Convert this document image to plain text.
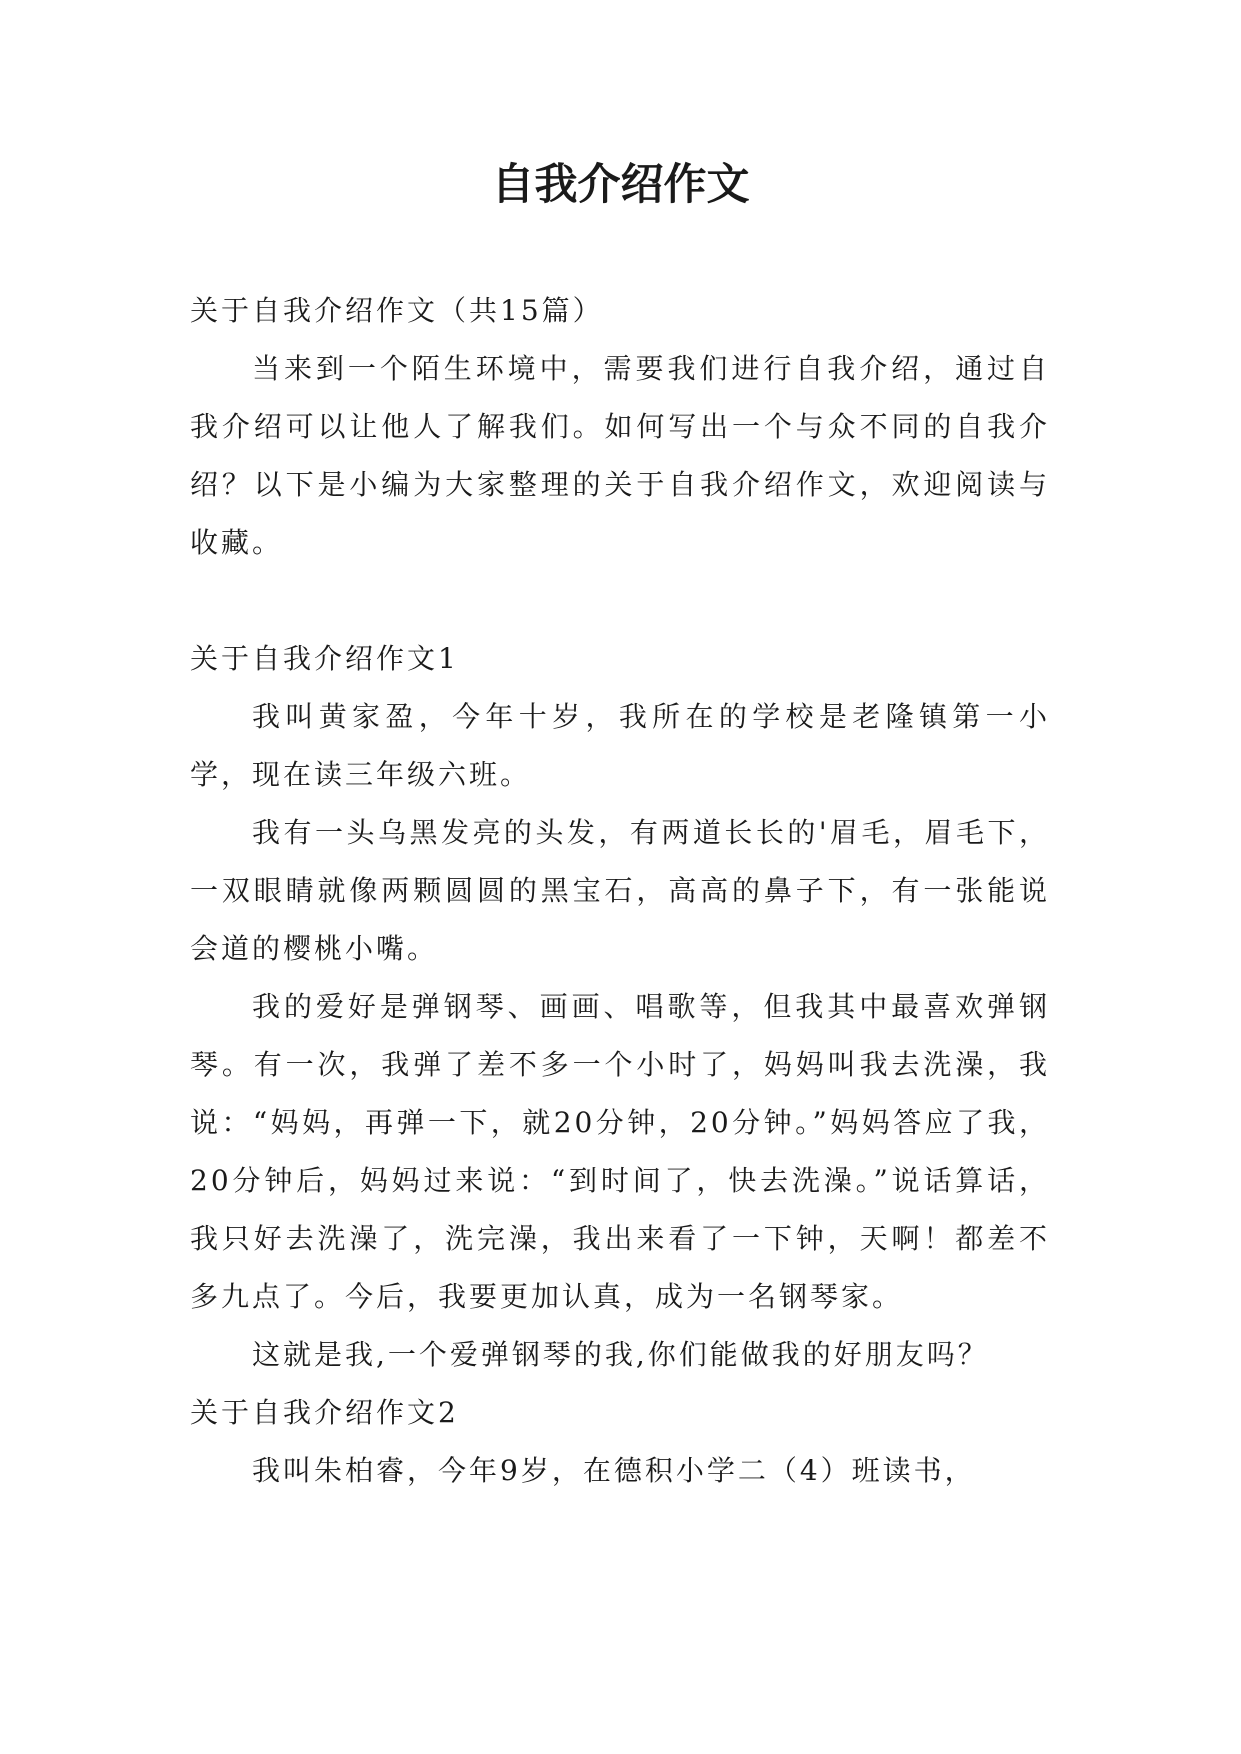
自我介绍作文

关于自我介绍作文（共15篇）

当来到一个陌生环境中，需要我们进行自我介绍，通过自我介绍可以让他人了解我们。如何写出一个与众不同的自我介绍？以下是小编为大家整理的关于自我介绍作文，欢迎阅读与收藏。

关于自我介绍作文1

我叫黄家盈，今年十岁，我所在的学校是老隆镇第一小学，现在读三年级六班。

我有一头乌黑发亮的头发，有两道长长的'眉毛，眉毛下，一双眼睛就像两颗圆圆的黑宝石，高高的鼻子下，有一张能说会道的樱桃小嘴。

我的爱好是弹钢琴、画画、唱歌等，但我其中最喜欢弹钢琴。有一次，我弹了差不多一个小时了，妈妈叫我去洗澡，我说：“妈妈，再弹一下，就20分钟，20分钟。”妈妈答应了我，20分钟后，妈妈过来说：“到时间了，快去洗澡。”说话算话，我只好去洗澡了，洗完澡，我出来看了一下钟，天啊！都差不多九点了。今后，我要更加认真，成为一名钢琴家。

这就是我,一个爱弹钢琴的我,你们能做我的好朋友吗？

关于自我介绍作文2

我叫朱柏睿，今年9岁，在德积小学二（4）班读书，
